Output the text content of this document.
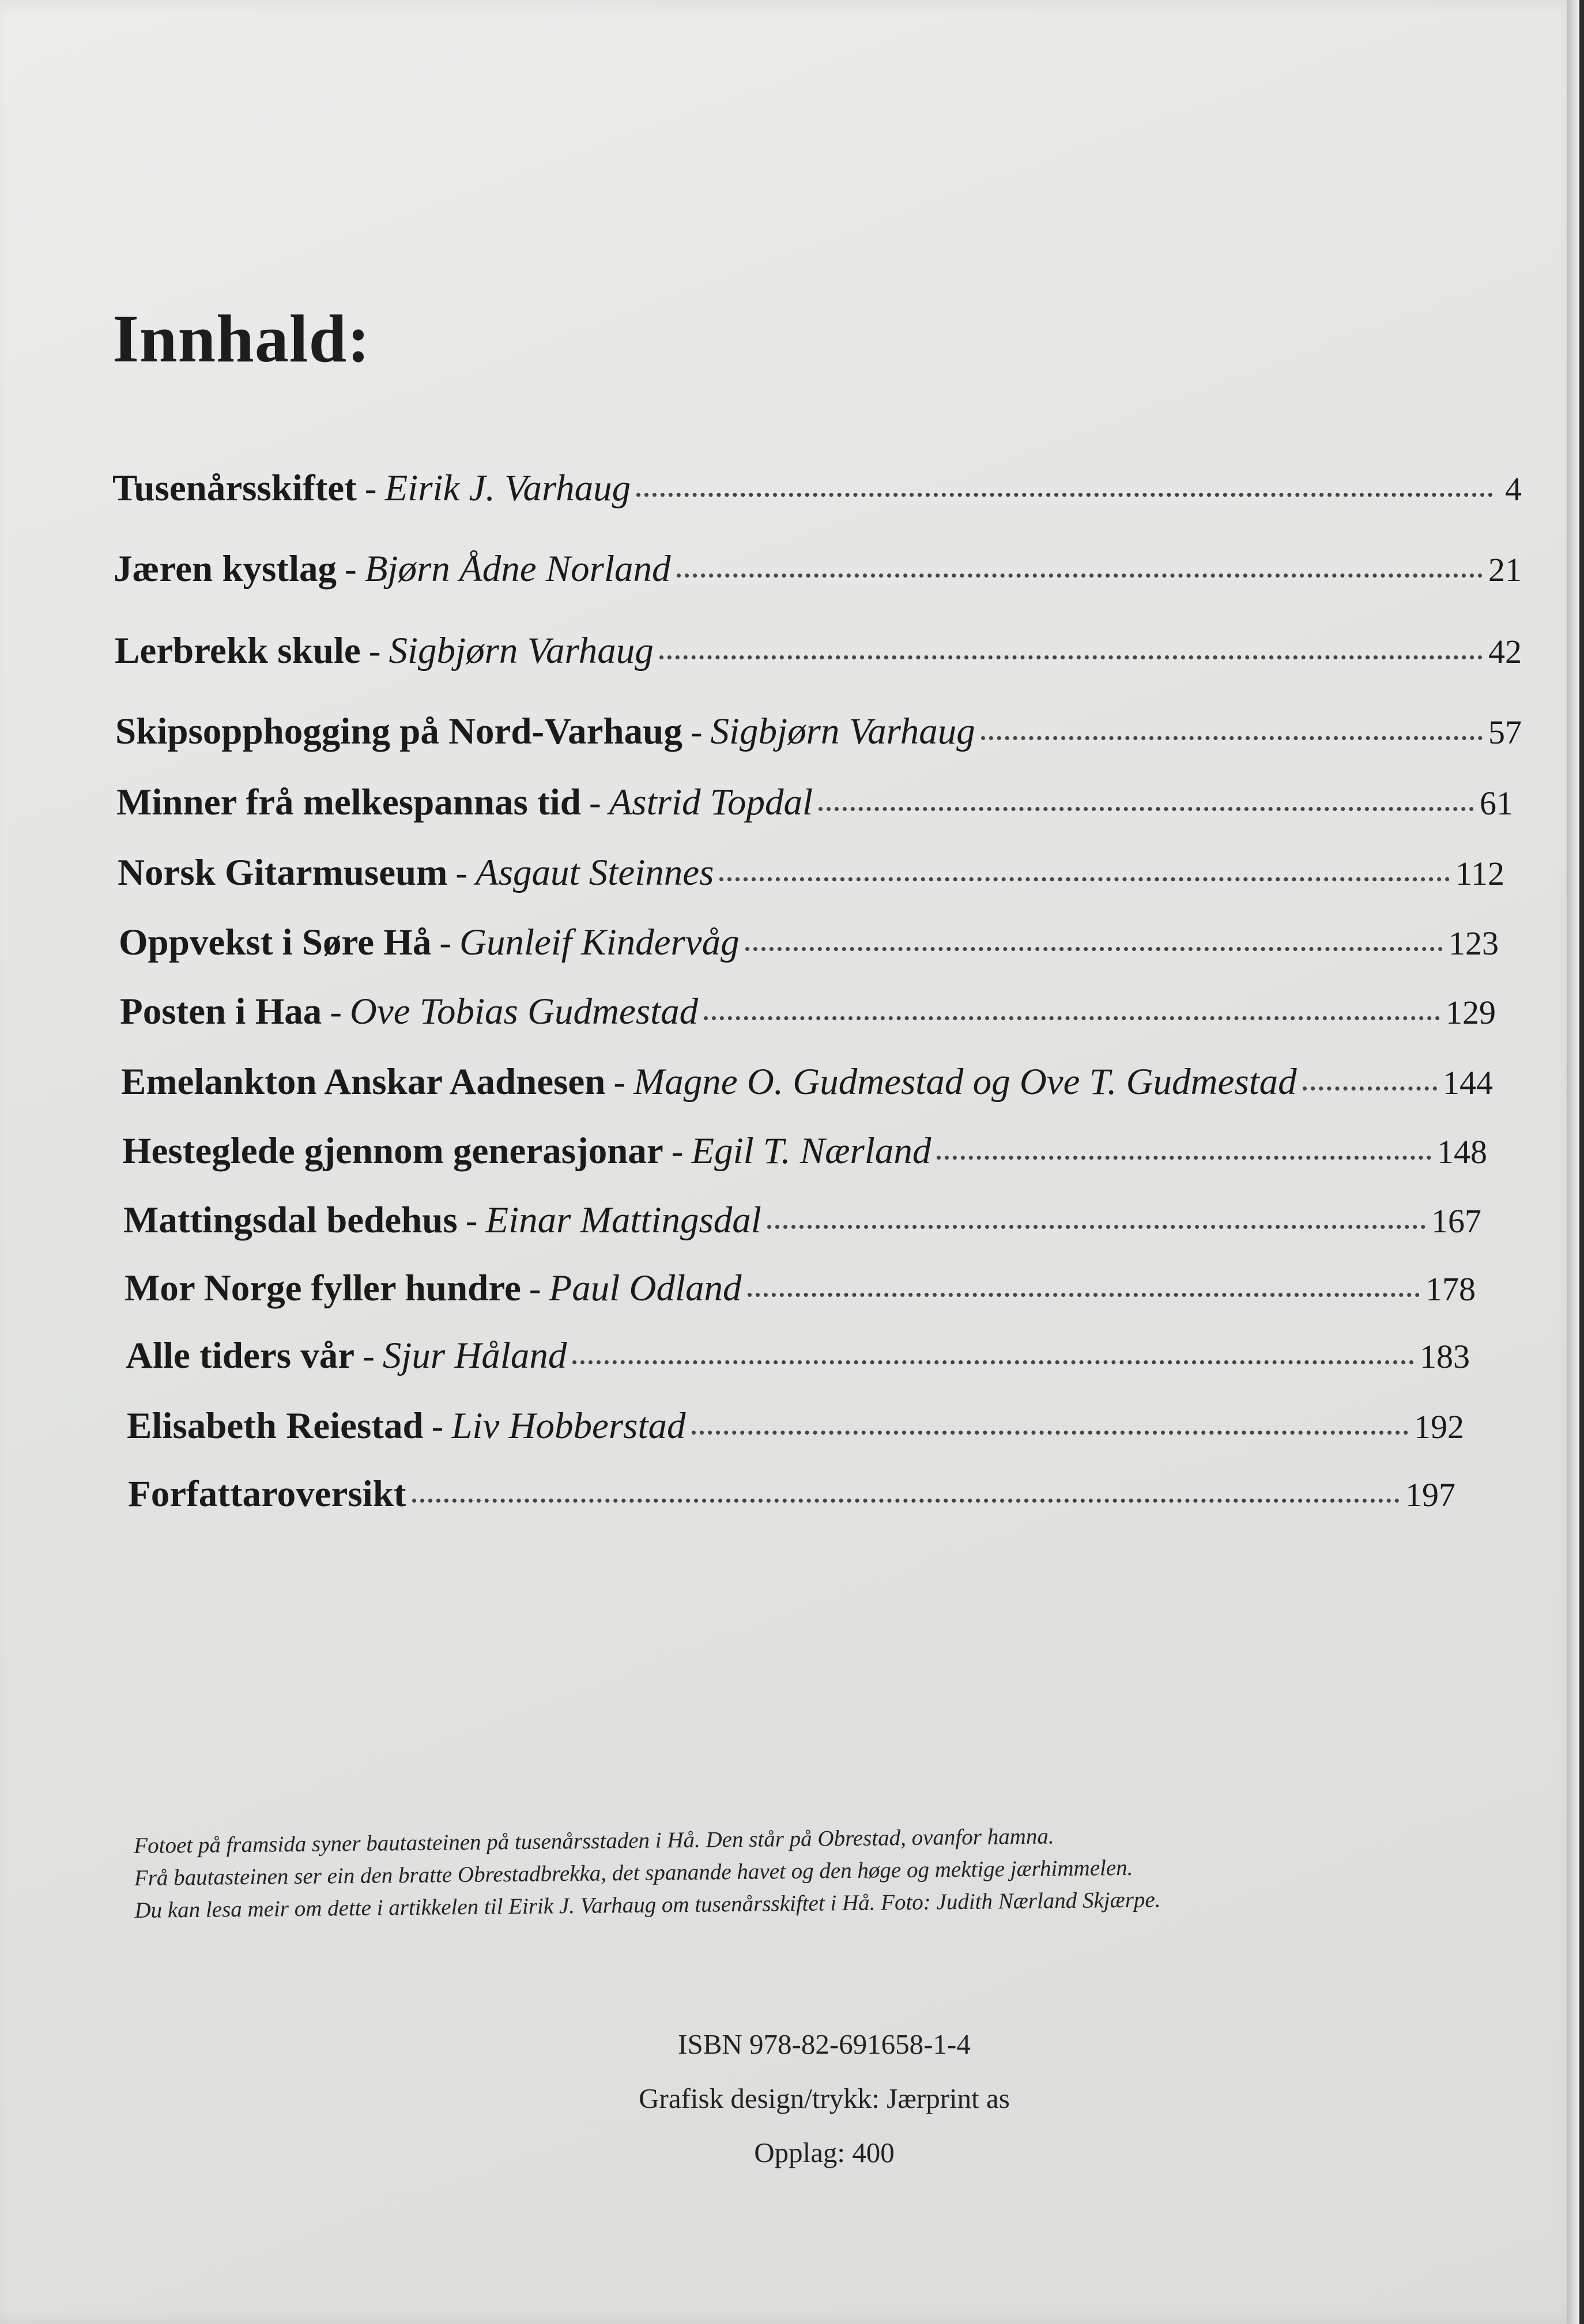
Innhald:
Tusenårsskiftet - Eirik J. Varhaug	4
Jæren kystlag - Bjørn Ådne Norland	21
Lerbrekk skule - Sigbjørn Varhaug	42
Skipsopphogging på Nord-Varhaug - Sigbjørn Varhaug	57
Minner frå melkespannas tid - Astrid Topdal	61
Norsk Gitarmuseum - Asgaut Steinnes	112
Oppvekst i Søre Hå - Gunleif Kindervåg	123
Posten i Haa - Ove Tobias Gudmestad	129
Emelankton Anskar Aadnesen - Magne O. Gudmestad og Ove T. Gudmestad	144
Hesteglede gjennom generasjonar - Egil T. Nærland	148
Mattingsdal bedehus - Einar Mattingsdal	167
Mor Norge fyller hundre - Paul Odland	178
Alle tiders vår - Sjur Håland	183
Elisabeth Reiestad - Liv Hobberstad	192
Forfattaroversikt	197
Fotoet på framsida syner bautasteinen på tusenårsstaden i Hå. Den står på Obrestad, ovanfor hamna.
Frå bautasteinen ser ein den bratte Obrestadbrekka, det spanande havet og den høge og mektige jærhimmelen.
Du kan lesa meir om dette i artikkelen til Eirik J. Varhaug om tusenårsskiftet i Hå. Foto: Judith Nærland Skjærpe.
ISBN 978-82-691658-1-4
Grafisk design/trykk: Jærprint as
Opplag: 400
